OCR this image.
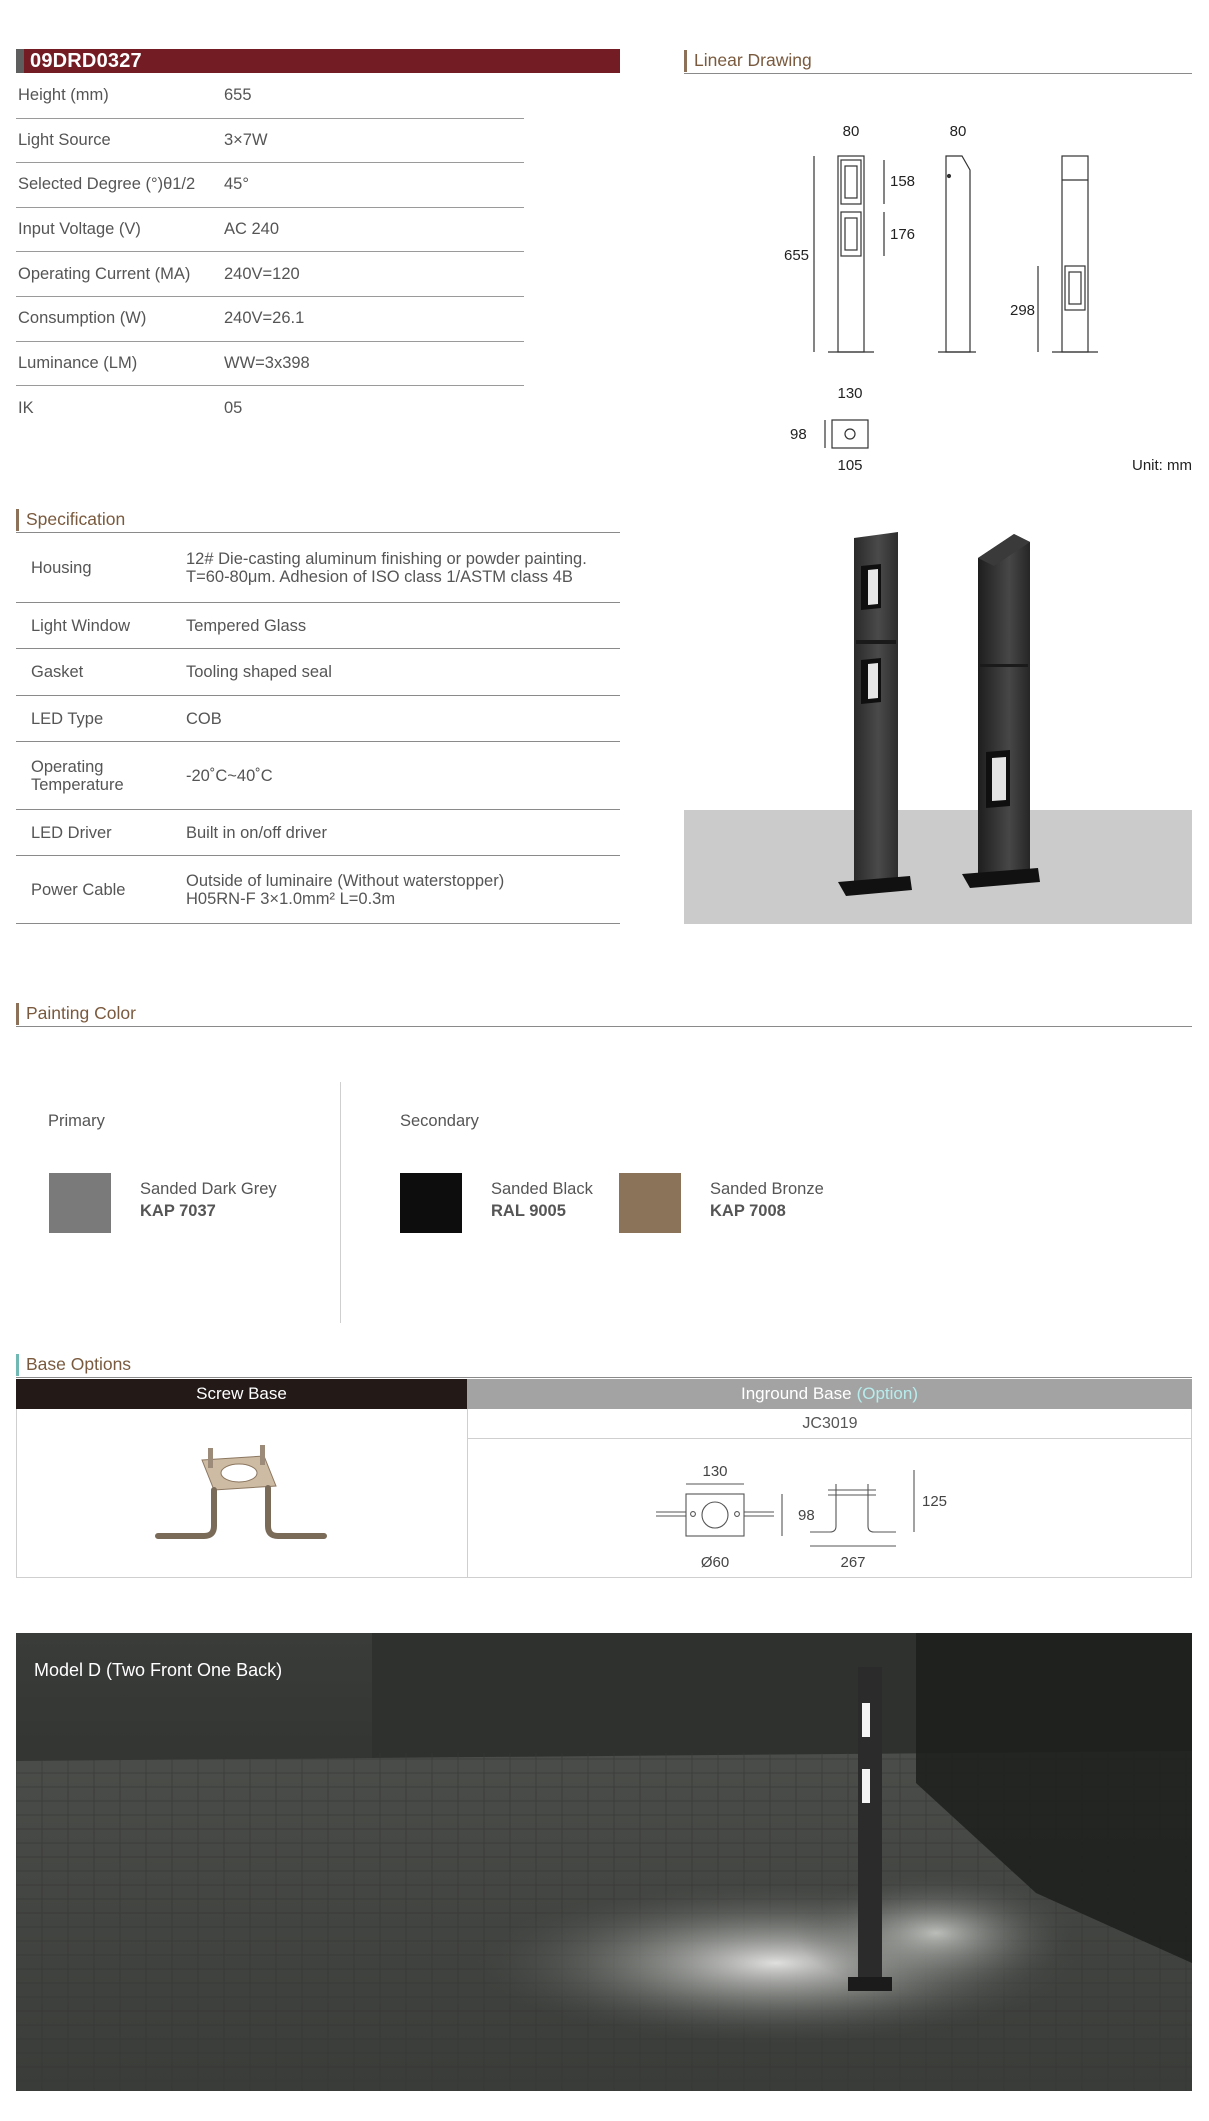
09DRD0327
Height (mm)	655
Light Source	3×7W
Selected Degree (°)θ1/2	45°
Input Voltage (V)	AC 240
Operating Current (MA)	240V=120
Consumption (W)	240V=26.1
Luminance (LM)	WW=3x398
IK	05
Linear Drawing
80	80
158
176
655
298
130
98
105	Unit: mm
Specification
Housing	12# Die-casting aluminum finishing or powder painting.
T=60-80μm. Adhesion of ISO class 1/ASTM class 4B
Light Window	Tempered Glass
Gasket	Tooling shaped seal
LED Type	COB
Operating
Temperature	-20˚C~40˚C
LED Driver	Built in on/off driver
Power Cable	Outside of luminaire (Without waterstopper)
H05RN-F 3×1.0mm² L=0.3m
Painting Color
Primary	Secondary
Sanded Dark Grey
KAP 7037
Sanded Black
RAL 9005
Sanded Bronze
KAP 7008
Base Options
Screw Base	Inground Base (Option)
JC3019
130
98
Ø60
125
267
Model D (Two Front One Back)
